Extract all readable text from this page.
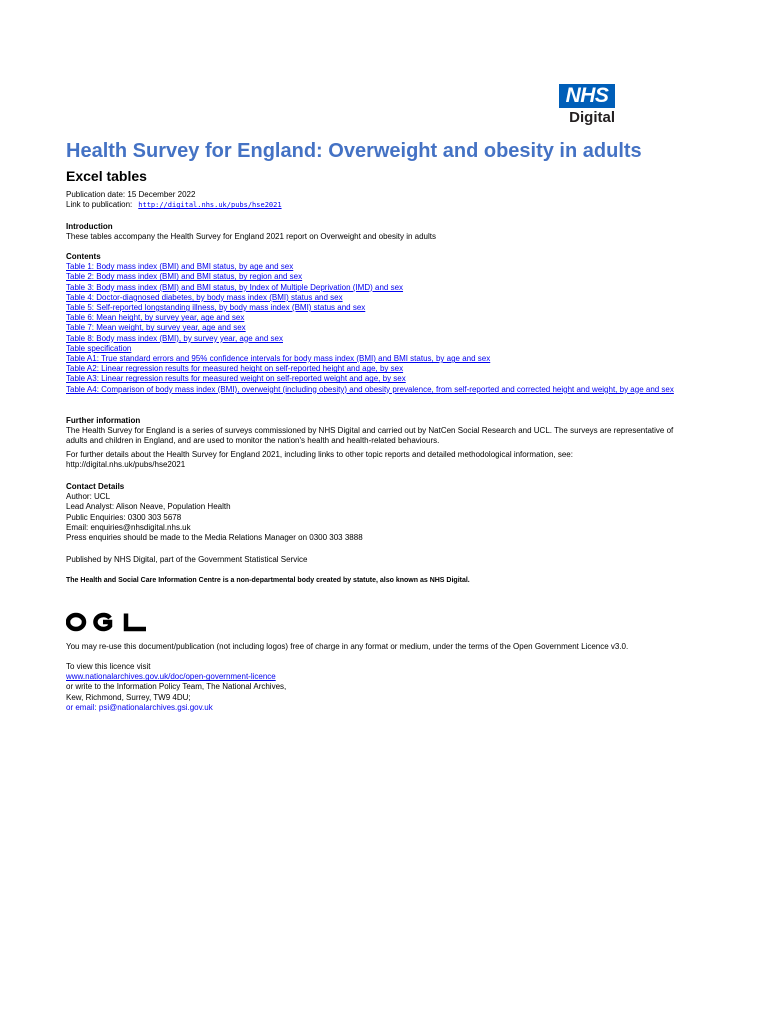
NHS
Digital
Health Survey for England: Overweight and obesity in adults
Excel tables
Publication date: 15 December 2022
Link to publication: http://digital.nhs.uk/pubs/hse2021
Introduction
These tables accompany the Health Survey for England 2021 report on Overweight and obesity in adults
Contents
Table 1: Body mass index (BMI) and BMI status, by age and sex
Table 2: Body mass index (BMI) and BMI status, by region and sex
Table 3: Body mass index (BMI) and BMI status, by Index of Multiple Deprivation (IMD) and sex
Table 4: Doctor-diagnosed diabetes, by body mass index (BMI) status and sex
Table 5: Self-reported longstanding illness, by body mass index (BMI) status and sex
Table 6: Mean height, by survey year, age and sex
Table 7: Mean weight, by survey year, age and sex
Table 8: Body mass index (BMI), by survey year, age and sex
Table specification
Table A1: True standard errors and 95% confidence intervals for body mass index (BMI) and BMI status, by age and sex
Table A2: Linear regression results for measured height on self-reported height and age, by sex
Table A3: Linear regression results for measured weight on self-reported weight and age, by sex
Table A4: Comparison of body mass index (BMI), overweight (including obesity) and obesity prevalence, from self-reported and corrected height and weight, by age and sex
Further information
The Health Survey for England is a series of surveys commissioned by NHS Digital and carried out by NatCen Social Research and UCL. The surveys are representative of adults and children in England, and are used to monitor the nation's health and health-related behaviours.
For further details about the Health Survey for England 2021, including links to other topic reports and detailed methodological information, see:
http://digital.nhs.uk/pubs/hse2021
Contact Details
Author: UCL
Lead Analyst: Alison Neave, Population Health
Public Enquiries: 0300 303 5678
Email: enquiries@nhsdigital.nhs.uk
Press enquiries should be made to the Media Relations Manager on 0300 303 3888
Published by NHS Digital, part of the Government Statistical Service
The Health and Social Care Information Centre is a non-departmental body created by statute, also known as NHS Digital.
You may re-use this document/publication (not including logos) free of charge in any format or medium, under the terms of the Open Government Licence v3.0.
To view this licence visit
www.nationalarchives.gov.uk/doc/open-government-licence
or write to the Information Policy Team, The National Archives,
Kew, Richmond, Surrey, TW9 4DU;
or email: psi@nationalarchives.gsi.gov.uk
